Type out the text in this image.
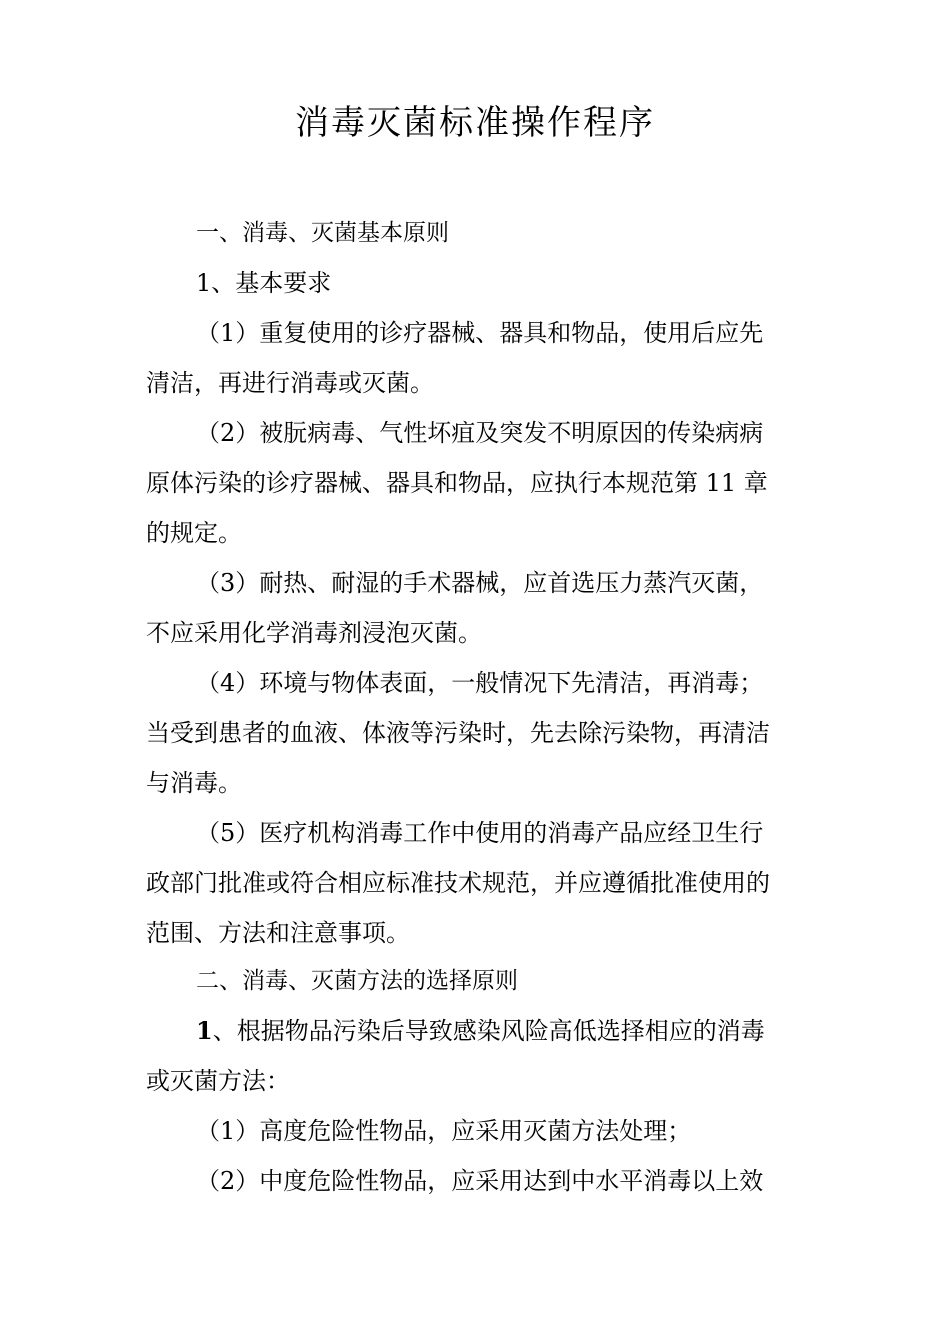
消毒灭菌标准操作程序
一、消毒、灭菌基本原则
1、基本要求
（1）重复使用的诊疗器械、器具和物品，使用后应先
清洁，再进行消毒或灭菌。
（2）被朊病毒、气性坏疽及突发不明原因的传染病病
原体污染的诊疗器械、器具和物品，应执行本规范第 11 章
的规定。
（3）耐热、耐湿的手术器械，应首选压力蒸汽灭菌，
不应采用化学消毒剂浸泡灭菌。
（4）环境与物体表面，一般情况下先清洁，再消毒；
当受到患者的血液、体液等污染时，先去除污染物，再清洁
与消毒。
（5）医疗机构消毒工作中使用的消毒产品应经卫生行
政部门批准或符合相应标准技术规范，并应遵循批准使用的
范围、方法和注意事项。
二、消毒、灭菌方法的选择原则
1、根据物品污染后导致感染风险高低选择相应的消毒
或灭菌方法：
（1）高度危险性物品，应采用灭菌方法处理；
（2）中度危险性物品，应采用达到中水平消毒以上效
